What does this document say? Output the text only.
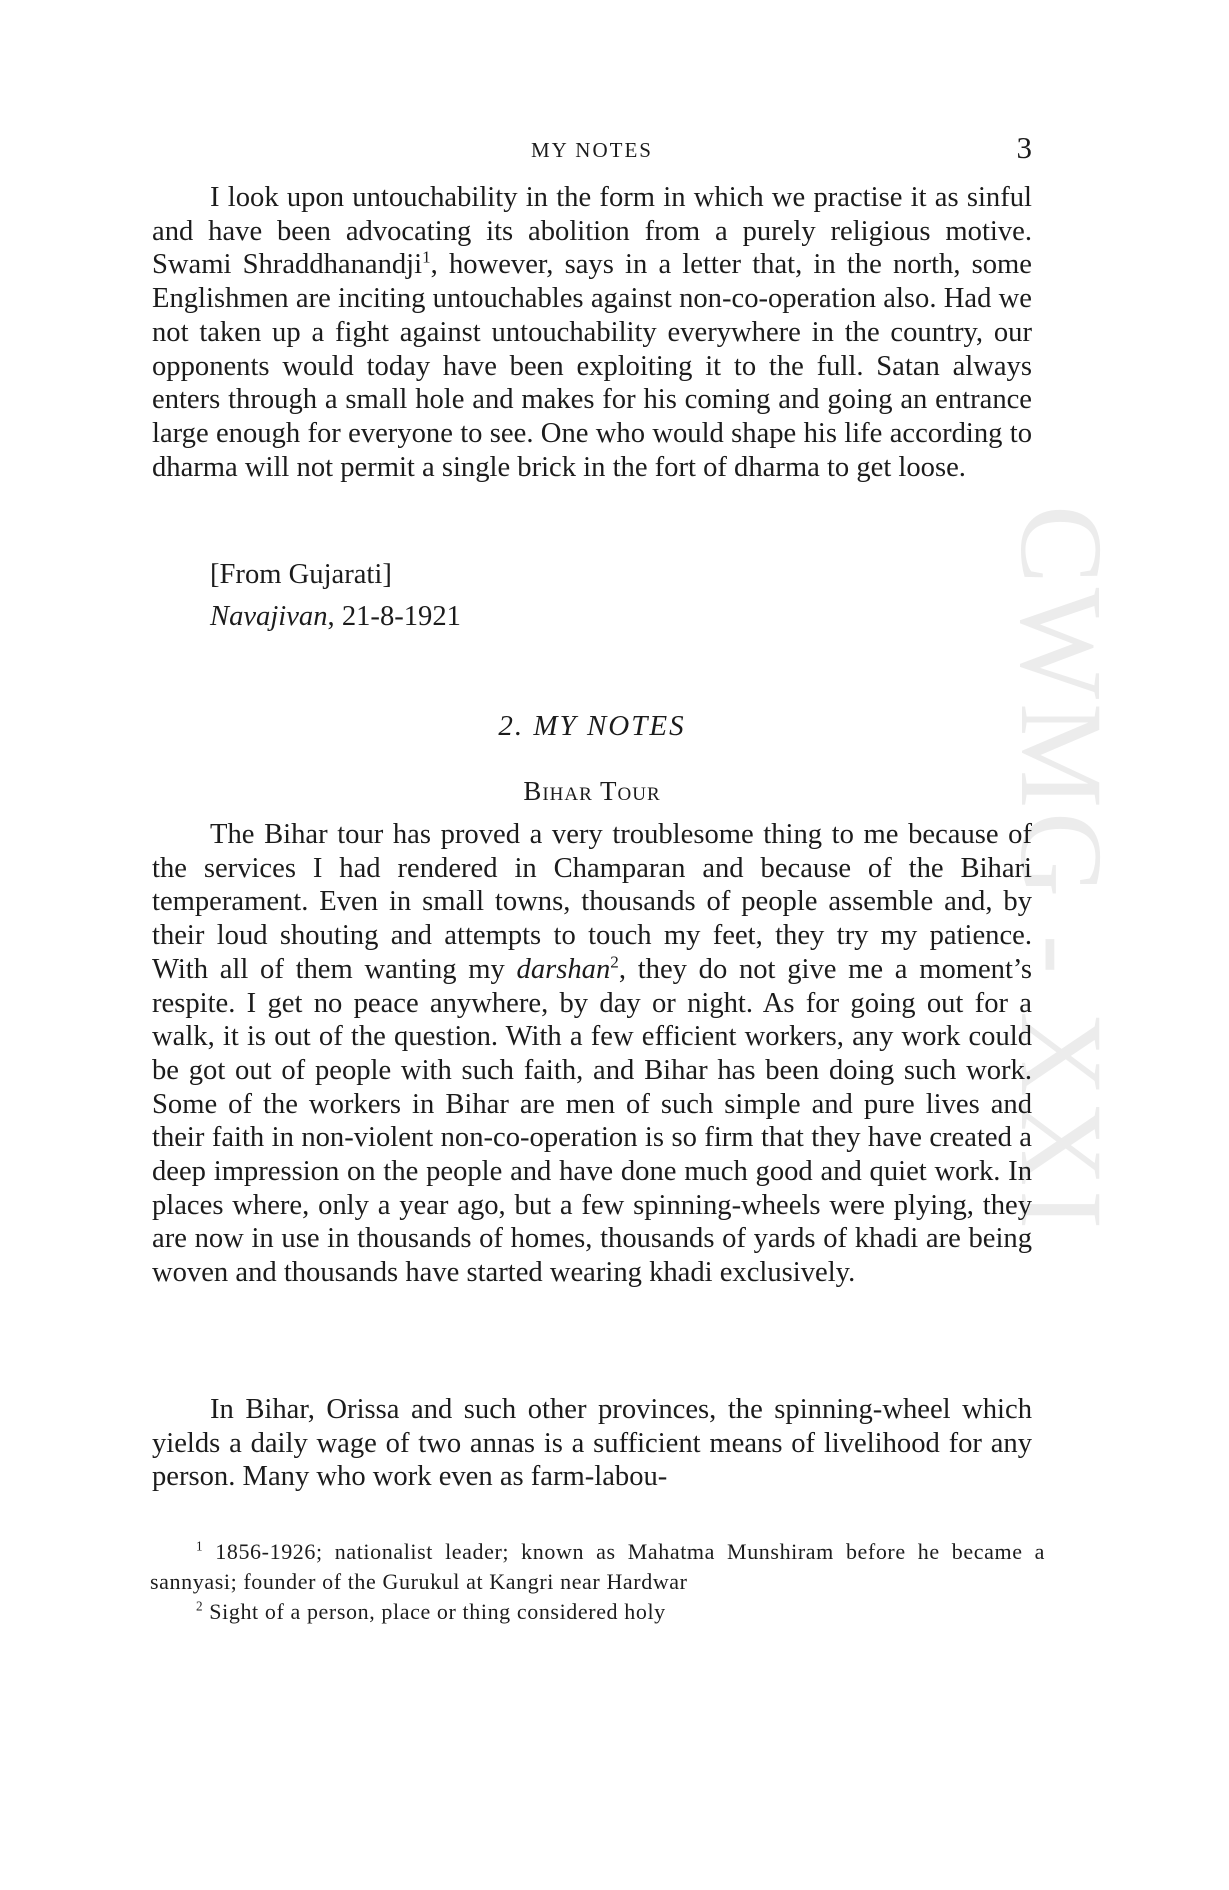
CWMG - XXI
MY NOTES	3

I look upon untouchability in the form in which we practise it as sinful and have been advocating its abolition from a purely religious motive. Swami Shraddhanandji$^1$, however, says in a letter that, in the north, some Englishmen are inciting untouchables against non-co-operation also. Had we not taken up a fight against untouchability everywhere in the country, our opponents would today have been exploiting it to the full. Satan always enters through a small hole and makes for his coming and going an entrance large enough for everyone to see. One who would shape his life according to dharma will not permit a single brick in the fort of dharma to get loose.

[From Gujarati]
Navajivan, 21-8-1921
2. MY NOTES
Bihar Tour

The Bihar tour has proved a very troublesome thing to me because of the services I had rendered in Champaran and because of the Bihari temperament. Even in small towns, thousands of people assemble and, by their loud shouting and attempts to touch my feet, they try my patience. With all of them wanting my darshan$^2$, they do not give me a moment’s respite. I get no peace anywhere, by day or night. As for going out for a walk, it is out of the question. With a few efficient workers, any work could be got out of people with such faith, and Bihar has been doing such work. Some of the workers in Bihar are men of such simple and pure lives and their faith in non-violent non-co-operation is so firm that they have created a deep impression on the people and have done much good and quiet work. In places where, only a year ago, but a few spinning-wheels were plying, they are now in use in thousands of homes, thousands of yards of khadi are being woven and thousands have started wearing khadi exclusively.

In Bihar, Orissa and such other provinces, the spinning-wheel which yields a daily wage of two annas is a sufficient means of livelihood for any person. Many who work even as farm-labou-

$^1$ 1856-1926; nationalist leader; known as Mahatma Munshiram before he became a sannyasi; founder of the Gurukul at Kangri near Hardwar

$^2$ Sight of a person, place or thing considered holy
